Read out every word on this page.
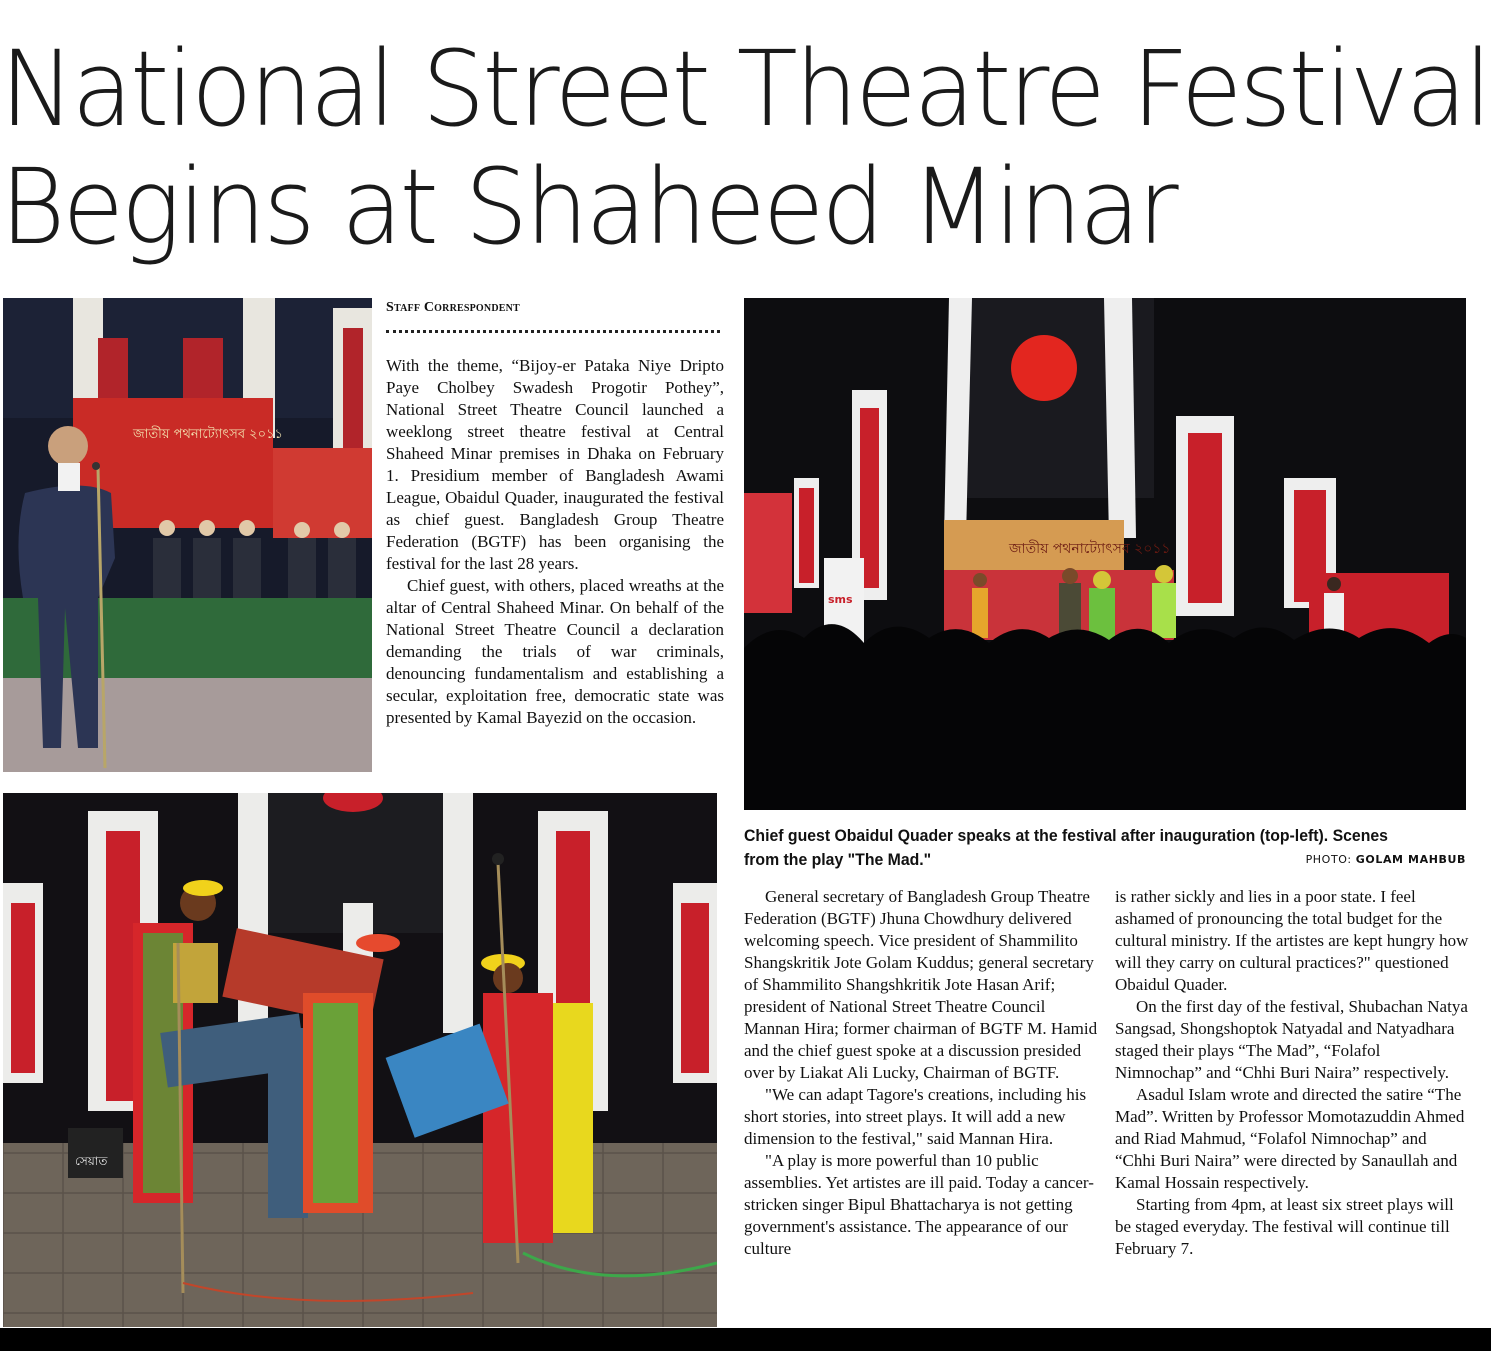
National Street Theatre Festival
Begins at Shaheed Minar
জাতীয় পথনাট্যোৎসব ২০১১
Staff Correspondent

With the theme, “Bijoy-er Pataka Niye Dripto Paye Cholbey Swadesh Progotir Pothey”, National Street Theatre Council launched a weeklong street theatre festival at Central Shaheed Minar premises in Dhaka on February 1. Presidium member of Bangladesh Awami League, Obaidul Quader, inaugurated the festival as chief guest. Bangladesh Group Theatre Federation (BGTF) has been organising the festival for the last 28 years.

Chief guest, with others, placed wreaths at the altar of Central Shaheed Minar. On behalf of the National Street Theatre Council a declaration demanding the trials of war criminals, denouncing fundamentalism and establishing a secular, exploitation free, democratic state was presented by Kamal Bayezid on the occasion.

জাতীয় পথনাট্যোৎসব ২০১১
sms
Chief guest Obaidul Quader speaks at the festival after inauguration (top-left). Scenes from the play "The Mad."	PHOTO: GOLAM MAHBUB
সেয়াত

General secretary of Bangladesh Group Theatre Federation (BGTF) Jhuna Chowdhury delivered welcoming speech. Vice president of Shammilito Shangskritik Jote Golam Kuddus; general secretary of Shammilito Shangshkritik Jote Hasan Arif; president of National Street Theatre Council Mannan Hira; former chairman of BGTF M. Hamid and the chief guest spoke at a discussion presided over by Liakat Ali Lucky, Chairman of BGTF.

"We can adapt Tagore's creations, including his short stories, into street plays. It will add a new dimension to the festival," said Mannan Hira.

"A play is more powerful than 10 public assemblies. Yet artistes are ill paid. Today a cancer-stricken singer Bipul Bhattacharya is not getting government's assistance. The appearance of our culture

is rather sickly and lies in a poor state. I feel ashamed of pronouncing the total budget for the cultural ministry. If the artistes are kept hungry how will they carry on cultural practices?" questioned Obaidul Quader.

On the first day of the festival, Shubachan Natya Sangsad, Shongshoptok Natyadal and Natyadhara staged their plays “The Mad”, “Folafol Nimnochap” and “Chhi Buri Naira” respectively.

Asadul Islam wrote and directed the satire “The Mad”. Written by Professor Momotazuddin Ahmed and Riad Mahmud, “Folafol Nimnochap” and “Chhi Buri Naira” were directed by Sanaullah and Kamal Hossain respectively.

Starting from 4pm, at least six street plays will be staged everyday. The festival will continue till February 7.
